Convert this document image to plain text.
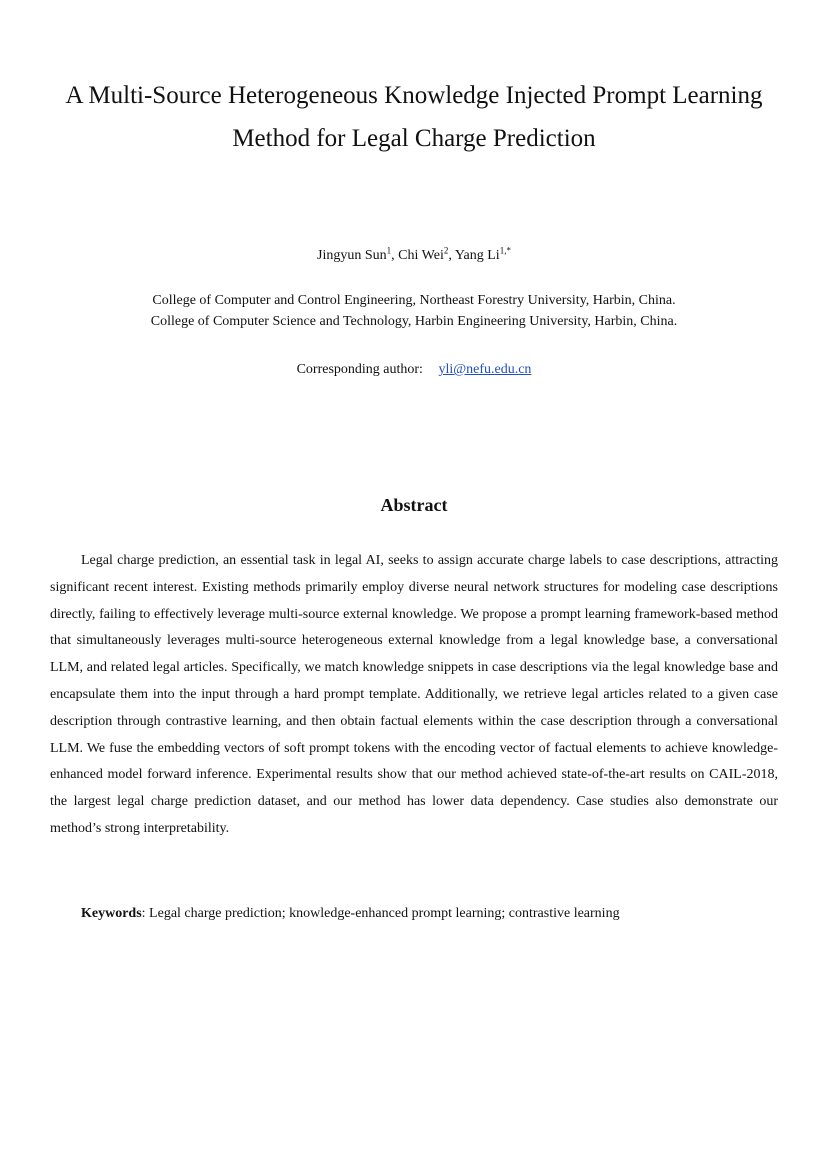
A Multi-Source Heterogeneous Knowledge Injected Prompt Learning
Method for Legal Charge Prediction
Jingyun Sun$^1$, Chi Wei$^2$, Yang $Li^{1,*}$
College of Computer and Control Engineering, Northeast Forestry University, Harbin, China.
College of Computer Science and Technology, Harbin Engineering University, Harbin, China.
Corresponding author: yli@nefu.edu.cn
Abstract

Legal charge prediction, an essential task in legal AI, seeks to assign accurate charge labels to case descriptions, attracting significant recent interest. Existing methods primarily employ diverse neural network structures for modeling case descriptions directly, failing to effectively leverage multi-source external knowledge. We propose a prompt learning framework-based method that simultaneously leverages multi-source heterogeneous external knowledge from a legal knowledge base, a conversational LLM, and related legal articles. Specifically, we match knowledge snippets in case descriptions via the legal knowledge base and encapsulate them into the input through a hard prompt template. Additionally, we retrieve legal articles related to a given case description through contrastive learning, and then obtain factual elements within the case description through a conversational LLM. We fuse the embedding vectors of soft prompt tokens with the encoding vector of factual elements to achieve knowledge-enhanced model forward inference. Experimental results show that our method achieved state-of-the-art results on CAIL-2018, the largest legal charge prediction dataset, and our method has lower data dependency. Case studies also demonstrate our method’s strong interpretability.

Keywords: Legal charge prediction; knowledge-enhanced prompt learning; contrastive learning
